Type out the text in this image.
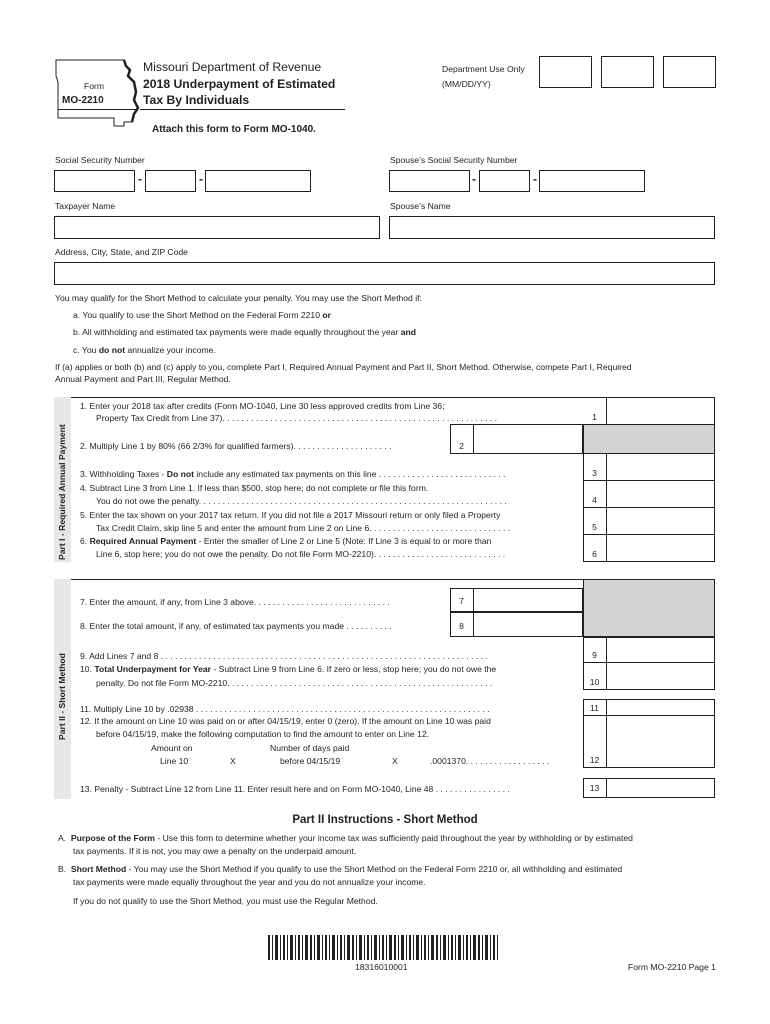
Form
MO-2210
Missouri Department of Revenue
2018 Underpayment of Estimated
Tax By Individuals
Attach this form to Form MO-1040.
Department Use Only
(MM/DD/YY)
Social Security Number
-	-
Spouse’s Social Security Number
-	-
Taxpayer Name	Spouse’s Name
Address, City, State, and ZIP Code
You may qualify for the Short Method to calculate your penalty. You may use the Short Method if:
a. You qualify to use the Short Method on the Federal Form 2210 or
b. All withholding and estimated tax payments were made equally throughout the year and
c. You do not annualize your income.
If (a) applies or both (b) and (c) apply to you, complete Part I, Required Annual Payment and Part II, Short Method. Otherwise, compete Part I, Required
Annual Payment and Part III, Regular Method.
Part I - Required Annual Payment
1
2
3
4
5
6
1. Enter your 2018 tax after credits (Form MO-1040, Line 30 less approved credits from Line 36;
Property Tax Credit from Line 37). . . . . . . . . . . . . . . . . . . . . . . . . . . . . . . . . . . . . . . . . . . . . . . . . . . . . . . . . .
2. Multiply Line 1 by 80% (66 2/3% for qualified farmers). . . . . . . . . . . . . . . . . . . . .
3. Withholding Taxes - Do not include any estimated tax payments on this line . . . . . . . . . . . . . . . . . . . . . . . . . . .
4. Subtract Line 3 from Line 1. If less than $500, stop here; do not complete or file this form.
You do not owe the penalty. . . . . . . . . . . . . . . . . . . . . . . . . . . . . . . . . . . . . . . . . . . . . . . . . . . . . . . . . . . . . . . . .
5. Enter the tax shown on your 2017 tax return. If you did not file a 2017 Missouri return or only filed a Property
Tax Credit Claim, skip line 5 and enter the amount from Line 2 on Line 6. . . . . . . . . . . . . . . . . . . . . . . . . . . . . .
6. Required Annual Payment - Enter the smaller of Line 2 or Line 5 (Note: If Line 3 is equal to or more than
Line 6, stop here; you do not owe the penalty. Do not file Form MO-2210). . . . . . . . . . . . . . . . . . . . . . . . . . . .
Part II - Short Method
7
8
7. Enter the amount, if any, from Line 3 above. . . . . . . . . . . . . . . . . . . . . . . . . . . . .
8. Enter the total amount, if any, of estimated tax payments you made . . . . . . . . . .
9
10
11
12
13
9. Add Lines 7 and 8 . . . . . . . . . . . . . . . . . . . . . . . . . . . . . . . . . . . . . . . . . . . . . . . . . . . . . . . . . . . . . . . . . . . . .
10. Total Underpayment for Year - Subtract Line 9 from Line 6. If zero or less, stop here; you do not owe the
penalty. Do not file Form MO-2210. . . . . . . . . . . . . . . . . . . . . . . . . . . . . . . . . . . . . . . . . . . . . . . . . . . . . . . .
11. Multiply Line 10 by .02938 . . . . . . . . . . . . . . . . . . . . . . . . . . . . . . . . . . . . . . . . . . . . . . . . . . . . . . . . . . . . . .
12. If the amount on Line 10 was paid on or after 04/15/19, enter 0 (zero). If the amount on Line 10 was paid
before 04/15/19, make the following computation to find the amount to enter on Line 12.
Amount on
Line 10	X
Number of days paid
before 04/15/19	X	.0001370. . . . . . . . . . . . . . . . . .
13. Penalty - Subtract Line 12 from Line 11. Enter result here and on Form MO-1040, Line 48 . . . . . . . . . . . . . . . .
Part II Instructions - Short Method
A. Purpose of the Form - Use this form to determine whether your income tax was sufficiently paid throughout the year by withholding or by estimated
tax payments. If it is not, you may owe a penalty on the underpaid amount.
B. Short Method - You may use the Short Method if you qualify to use the Short Method on the Federal Form 2210 or, all withholding and estimated
tax payments were made equally throughout the year and you do not annualize your income.
If you do not qualify to use the Short Method, you must use the Regular Method.
18316010001	Form MO-2210 Page 1
